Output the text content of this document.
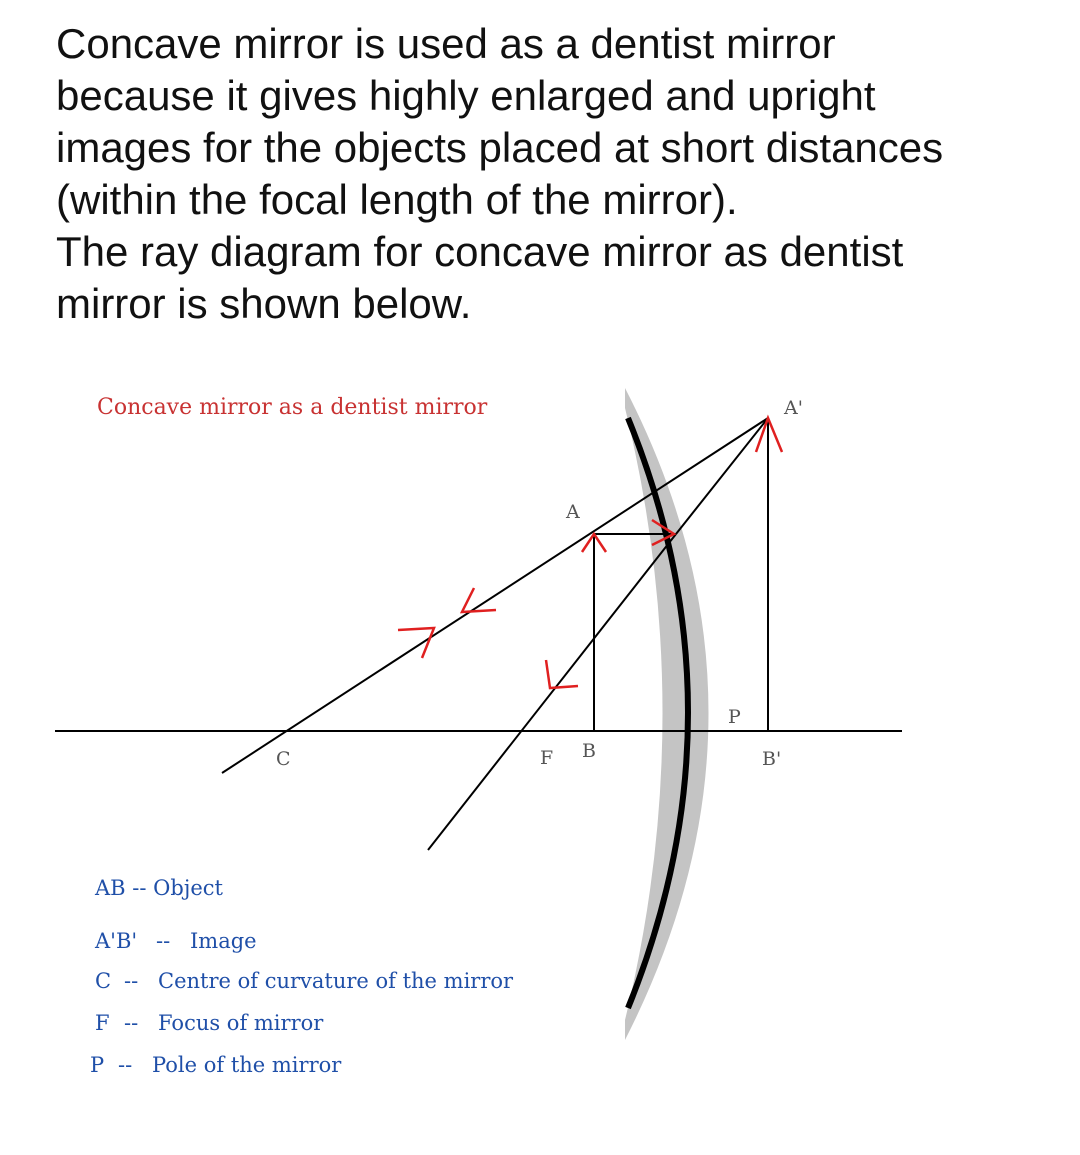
Concave mirror is used as a dentist mirror

because it gives highly enlarged and upright

images for the objects placed at short distances

(within the focal length of the mirror).

The ray diagram for concave mirror as dentist

mirror is shown below.

Concave mirror as a dentist mirror
A
B
A'
B'
C	F
P
AB -- Object
A'B' -- Image
C -- Centre of curvature of the mirror
F -- Focus of mirror
P -- Pole of the mirror
